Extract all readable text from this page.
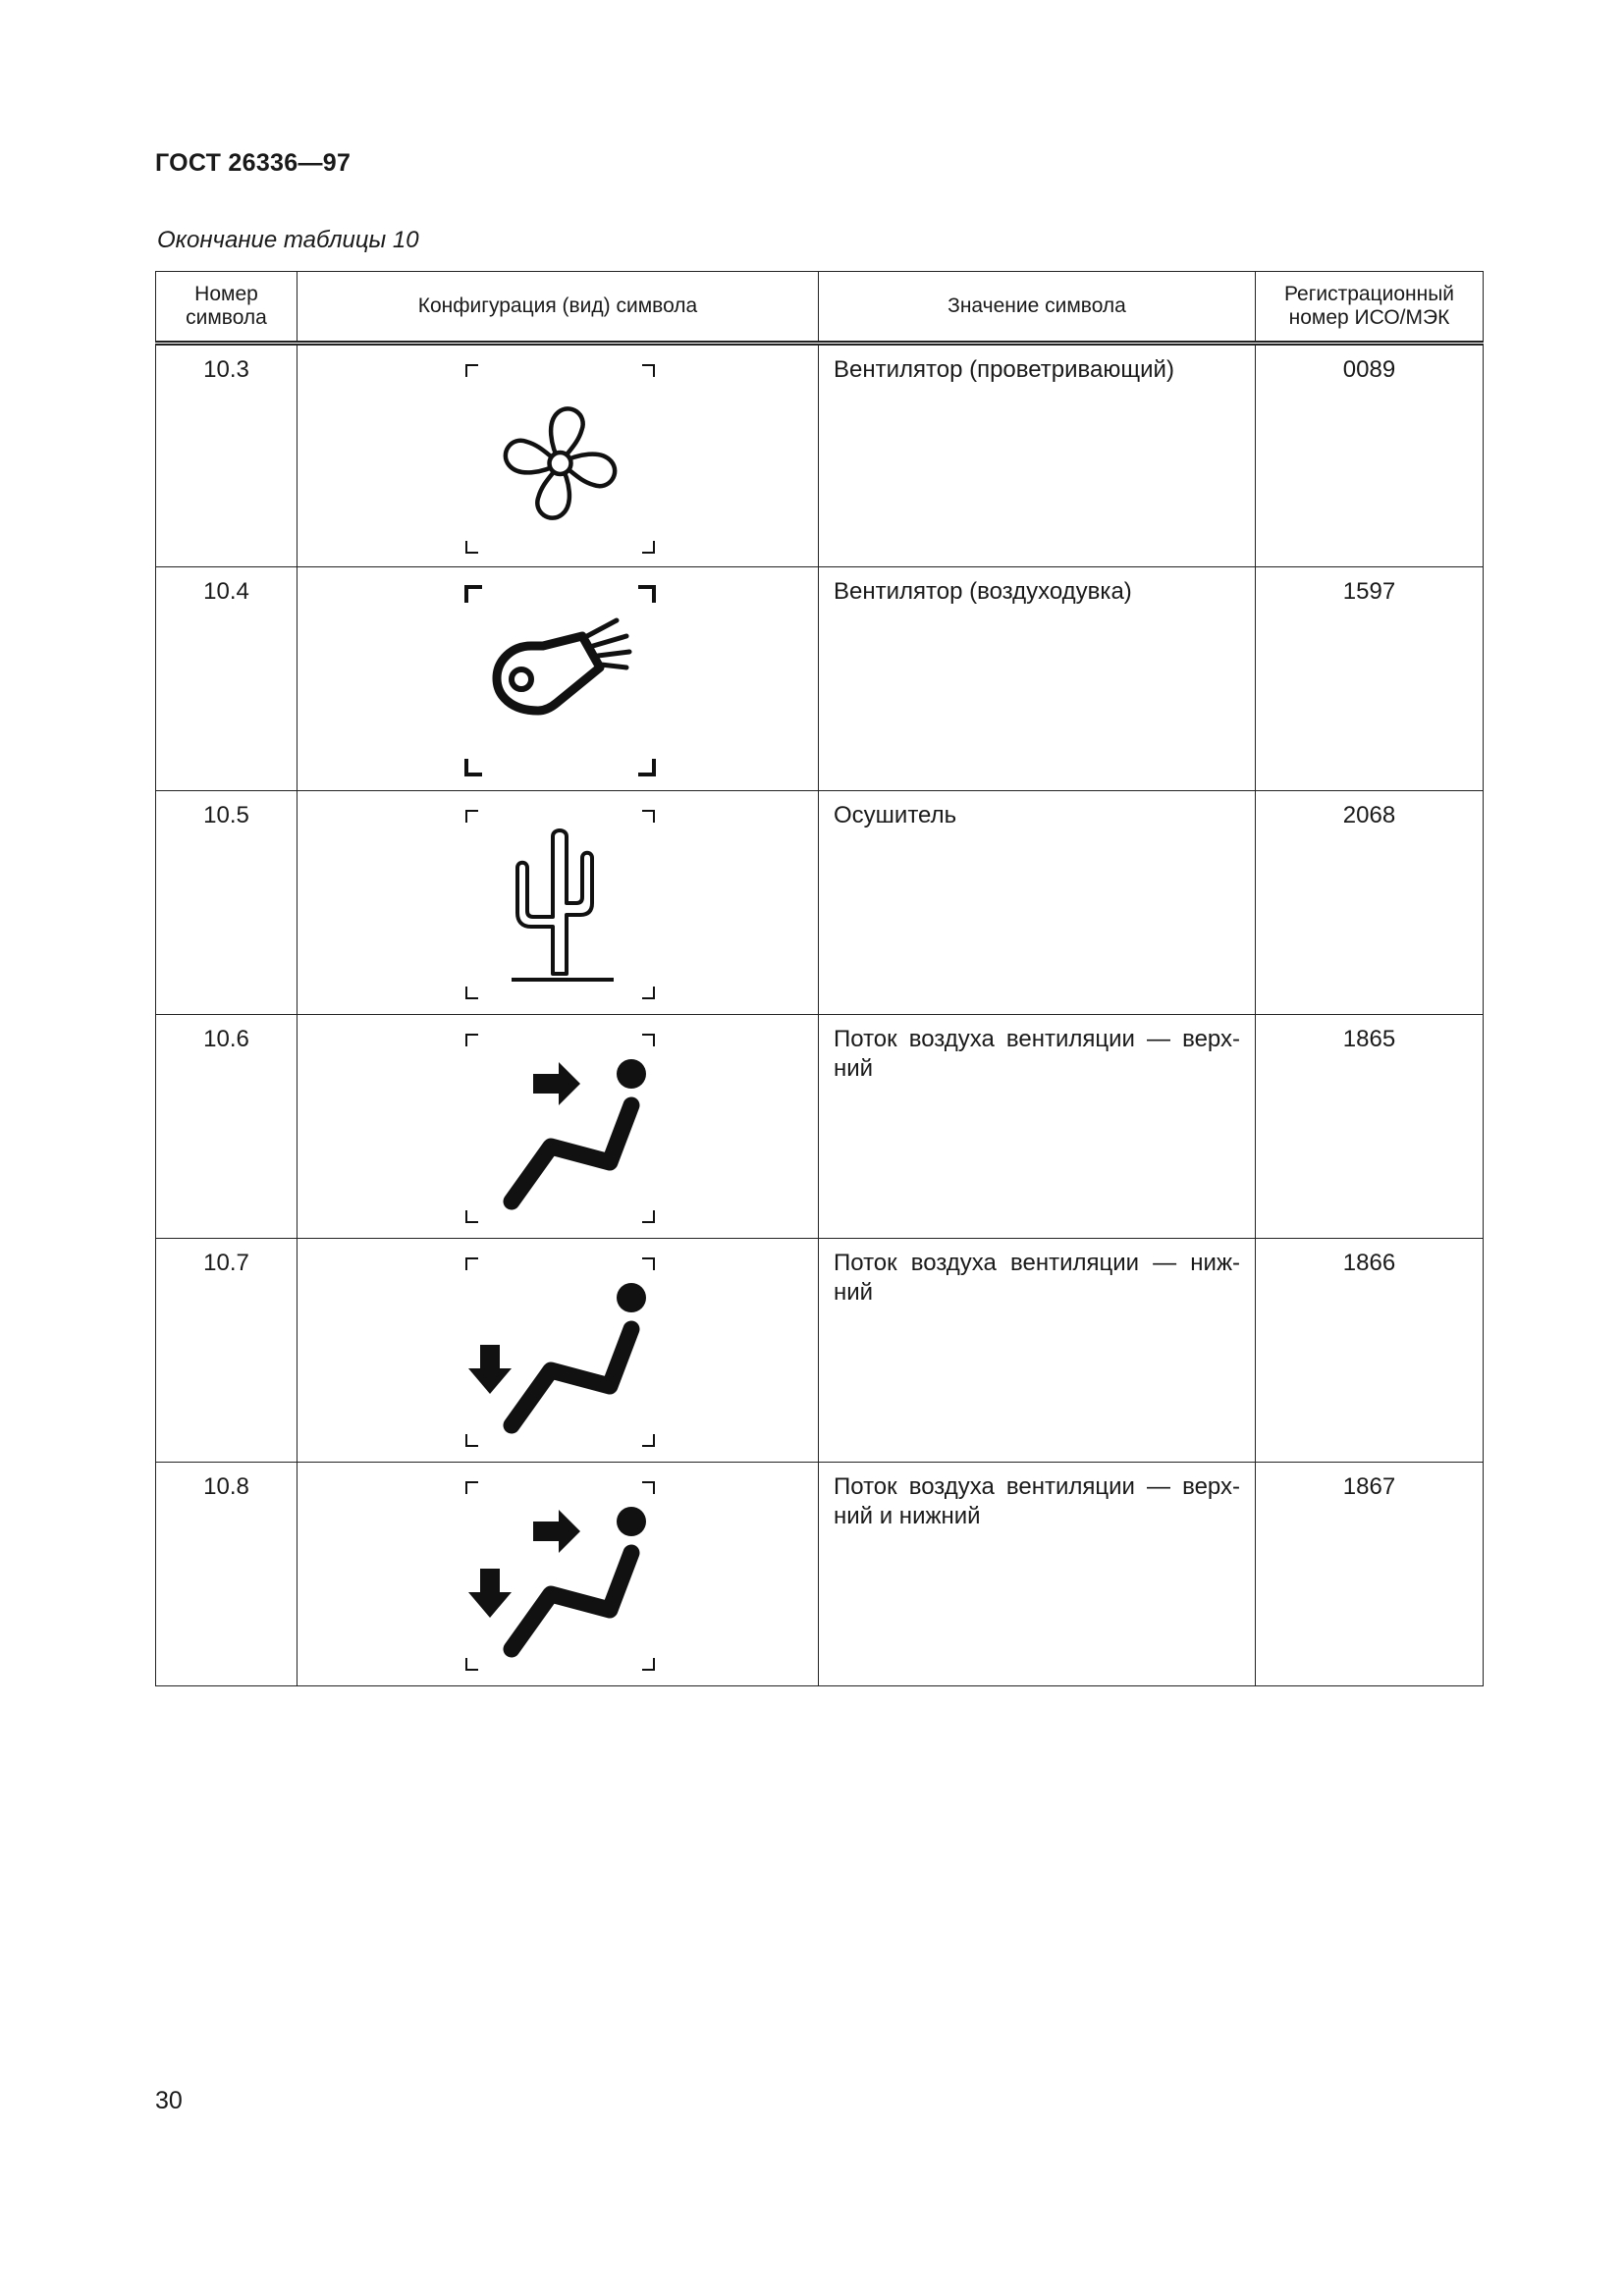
ГОСТ 26336—97
Окончание таблицы 10
Номер символа	Конфигурация (вид) символа	Значение символа	Регистрационный номер ИСО/МЭК
10.3		Вентилятор (проветривающий)	0089
10.4		Вентилятор (воздуходувка)	1597
10.5		Осушитель	2068
10.6		Поток воздуха вентиляции — верх-ний	1865
10.7		Поток воздуха вентиляции — ниж-ний	1866
10.8		Поток воздуха вентиляции — верх-ний и нижний	1867
30
